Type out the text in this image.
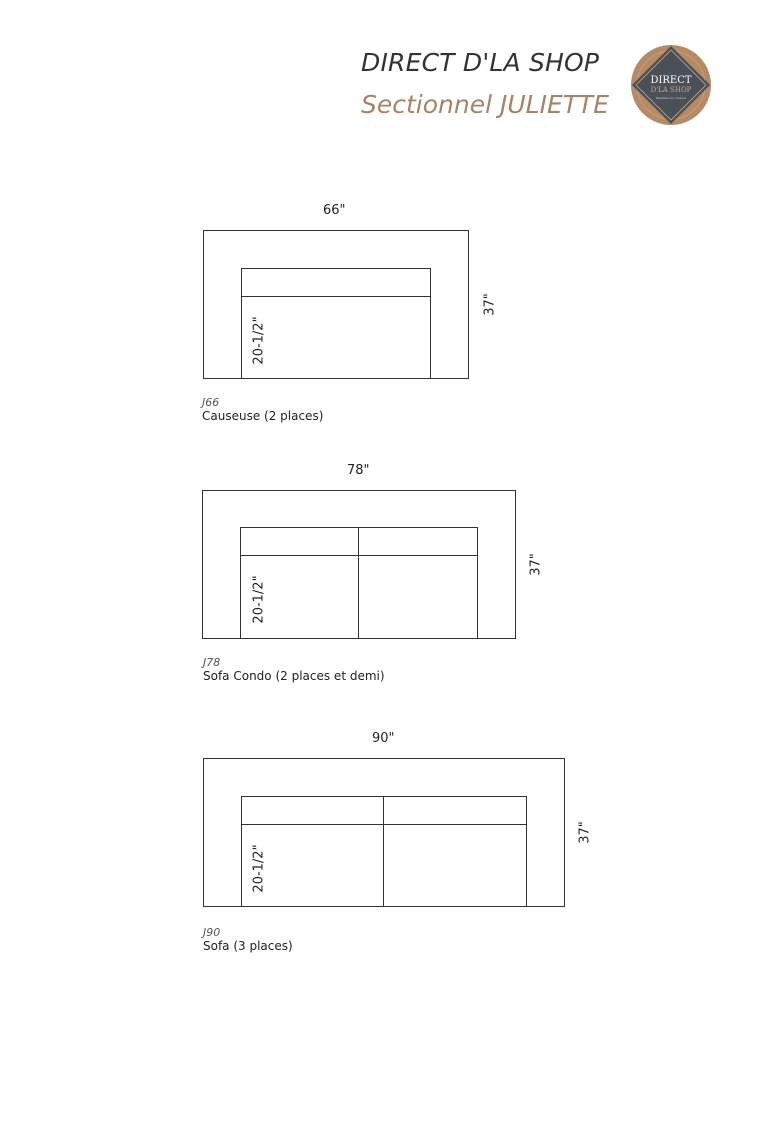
DIRECT D'LA SHOP
Sectionnel JULIETTE
DIRECT
D'LA SHOP
Meubles sur mesure
66"
37"
20-1/2"
J66
Causeuse (2 places)
78"
37"
20-1/2"
J78
Sofa Condo (2 places et demi)
90"
37"
20-1/2"
J90
Sofa (3 places)
